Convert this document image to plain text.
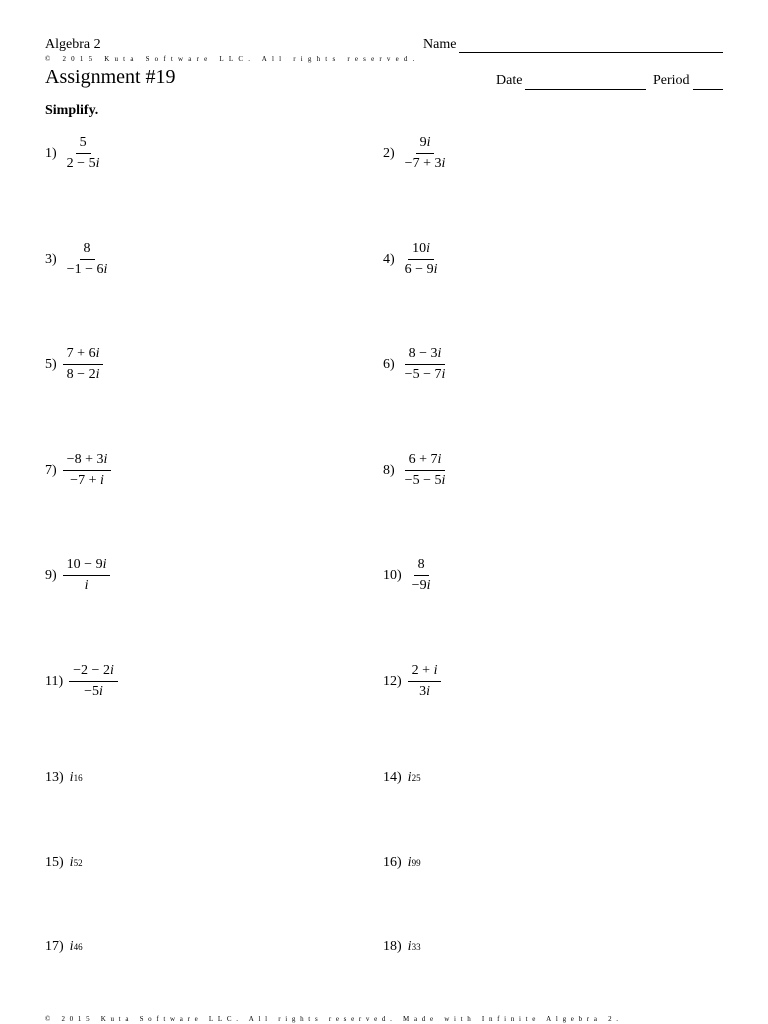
Algebra 2	Name
© 2015 Kuta Software LLC. All rights reserved.
Assignment #19	Date	Period
Simplify.
$1) \frac{5}{2 - 5i}$	$2) \frac{9i}{-7 + 3i}$
$3) \frac{8}{-1 - 6i}$	$4) \frac{10i}{6 - 9i}$
$5) \frac{7 + 6i}{8 - 2i}$	$6) \frac{8 - 3i}{-5 - 7i}$
$7) \frac{-8 + 3i}{-7 + i}$	$8) \frac{6 + 7i}{-5 - 5i}$
$9) \frac{10 - 9i}{i}$	$10) \frac{8}{-9i}$
$11) \frac{-2 - 2i}{-5i}$	$12) \frac{2 + i}{3i}$
13) i 16	14) i 25
15) i 52	16) i 99
17) i 46	18) i 33
© 2015 Kuta Software LLC. All rights reserved. Made with Infinite Algebra 2.
